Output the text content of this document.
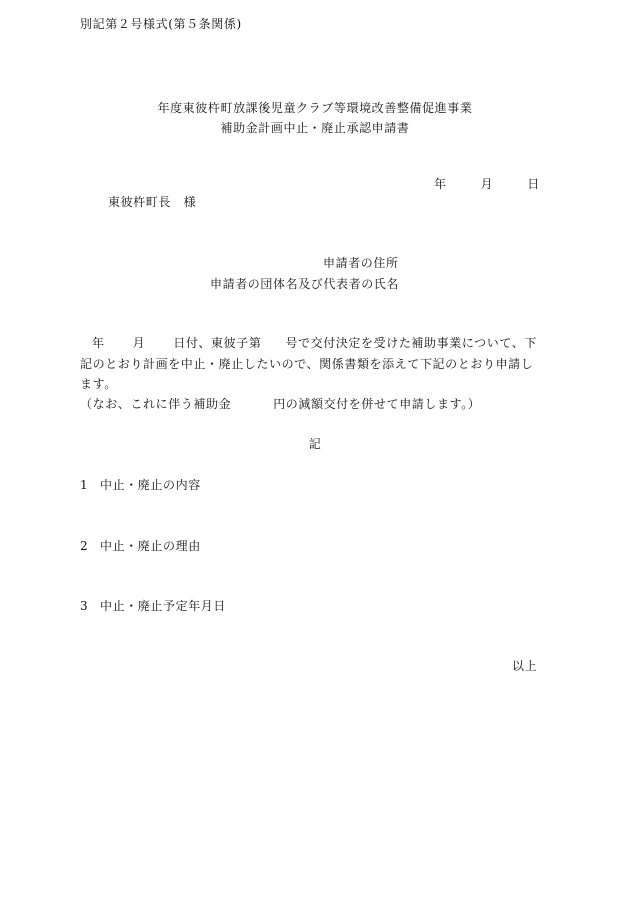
別記第２号様式(第５条関係)
年度東彼杵町放課後児童クラブ等環境改善整備促進事業
補助金計画中止・廃止承認申請書
年	月	日
東彼杵町長　様
申請者の住所
申請者の団体名及び代表者の氏名
年 月 日付、東彼子第 号で交付決定を受けた補助事業について、下
記のとおり計画を中止・廃止したいので、関係書類を添えて下記のとおり申請し
ます。
（なお、これに伴う補助金	円の減額交付を併せて申請します。）
記
1 中止・廃止の内容
2 中止・廃止の理由
3 中止・廃止予定年月日
以上
